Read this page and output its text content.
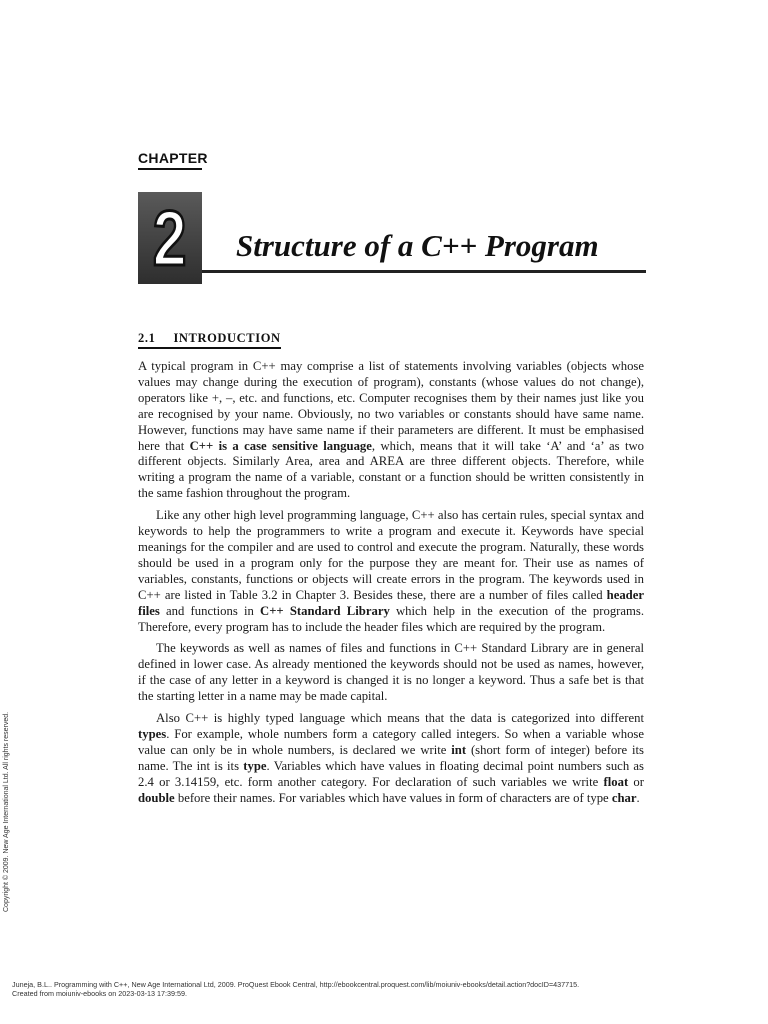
CHAPTER
2 Structure of a C++ Program
2.1 INTRODUCTION

A typical program in C++ may comprise a list of statements involving variables (objects whose values may change during the execution of program), constants (whose values do not change), operators like +, –, etc. and functions, etc. Computer recognises them by their names just like you are recognised by your name. Obviously, no two variables or constants should have same name. However, functions may have same name if their parameters are different. It must be emphasised here that C++ is a case sensitive language, which, means that it will take ‘A’ and ‘a’ as two different objects. Similarly Area, area and AREA are three different objects. Therefore, while writing a program the name of a variable, constant or a function should be written consistently in the same fashion throughout the program.

Like any other high level programming language, C++ also has certain rules, special syntax and keywords to help the programmers to write a program and execute it. Keywords have special meanings for the compiler and are used to control and execute the program. Naturally, these words should be used in a program only for the purpose they are meant for. Their use as names of variables, constants, functions or objects will create errors in the program. The keywords used in C++ are listed in Table 3.2 in Chapter 3. Besides these, there are a number of files called header files and functions in C++ Standard Library which help in the execution of the programs. Therefore, every program has to include the header files which are required by the program.

The keywords as well as names of files and functions in C++ Standard Library are in general defined in lower case. As already mentioned the keywords should not be used as names, however, if the case of any letter in a keyword is changed it is no longer a keyword. Thus a safe bet is that the starting letter in a name may be made capital.

Also C++ is highly typed language which means that the data is categorized into different types. For example, whole numbers form a category called integers. So when a variable whose value can only be in whole numbers, is declared we write int (short form of integer) before its name. The int is its type. Variables which have values in floating decimal point numbers such as 2.4 or 3.14159, etc. form another category. For declaration of such variables we write float or double before their names. For variables which have values in form of characters are of type char.

Copyright © 2009. New Age International Ltd. All rights reserved.
Juneja, B.L.. Programming with C++, New Age International Ltd, 2009. ProQuest Ebook Central, http://ebookcentral.proquest.com/lib/moiuniv-ebooks/detail.action?docID=437715.
Created from moiuniv-ebooks on 2023-03-13 17:39:59.
